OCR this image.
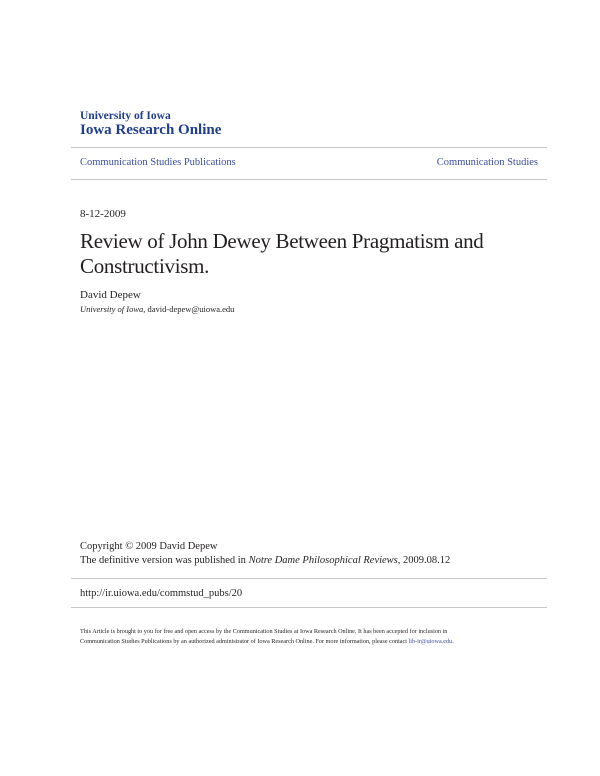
University of Iowa
Iowa Research Online
Communication Studies Publications	Communication Studies
8-12-2009
Review of John Dewey Between Pragmatism and Constructivism.
David Depew
University of Iowa, david-depew@uiowa.edu
Copyright © 2009 David Depew
The definitive version was published in Notre Dame Philosophical Reviews, 2009.08.12
http://ir.uiowa.edu/commstud_pubs/20
This Article is brought to you for free and open access by the Communication Studies at Iowa Research Online. It has been accepted for inclusion in
Communication Studies Publications by an authorized administrator of Iowa Research Online. For more information, please contact lib-ir@uiowa.edu.
